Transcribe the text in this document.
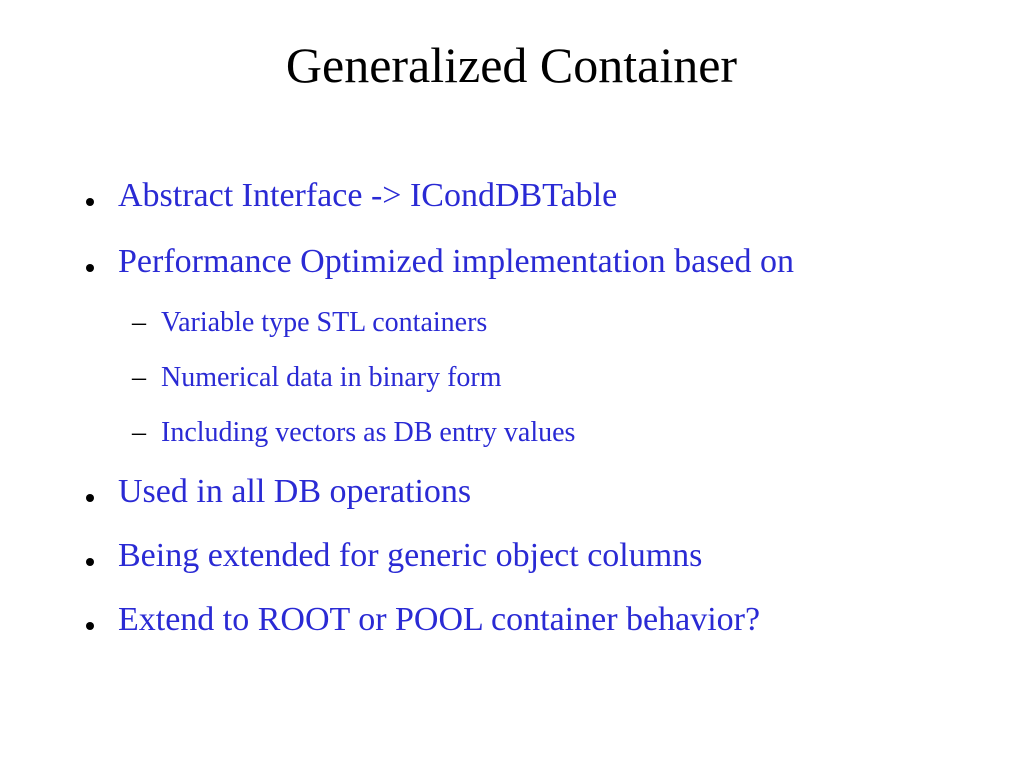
Generalized Container
Abstract Interface -> ICondDBTable
Performance Optimized implementation based on
– Variable type STL containers
– Numerical data in binary form
– Including vectors as DB entry values
Used in all DB operations
Being extended for generic object columns
Extend to ROOT or POOL container behavior?
